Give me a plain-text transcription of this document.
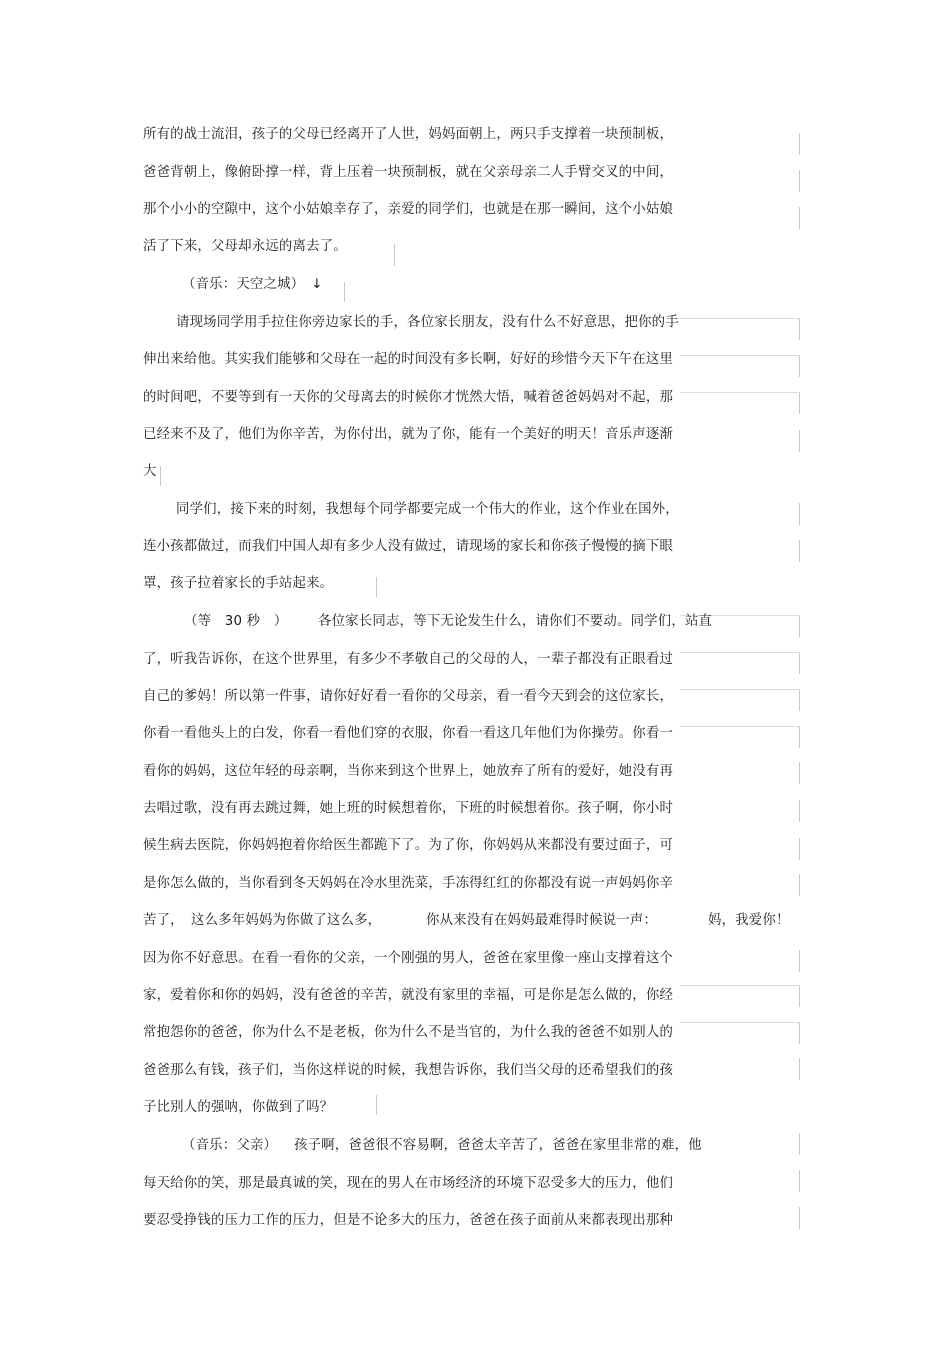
所有的战士流泪，孩子的父母已经离开了人世，妈妈面朝上，两只手支撑着一块预制板，
爸爸背朝上，像俯卧撑一样，背上压着一块预制板，就在父亲母亲二人手臂交叉的中间，
那个小小的空隙中，这个小姑娘幸存了，亲爱的同学们，也就是在那一瞬间，这个小姑娘
活了下来，父母却永远的离去了。
（音乐：天空之城）　↓
请现场同学用手拉住你旁边家长的手，各位家长朋友，没有什么不好意思，把你的手
伸出来给他。其实我们能够和父母在一起的时间没有多长啊，好好的珍惜今天下午在这里
的时间吧，不要等到有一天你的父母离去的时候你才恍然大悟，喊着爸爸妈妈对不起，那
已经来不及了，他们为你辛苦，为你付出，就为了你，能有一个美好的明天！音乐声逐渐
大
同学们，接下来的时刻，我想每个同学都要完成一个伟大的作业，这个作业在国外，
连小孩都做过，而我们中国人却有多少人没有做过，请现场的家长和你孩子慢慢的摘下眼
罩，孩子拉着家长的手站起来。
（等　30 秒　） 各位家长同志，等下无论发生什么，请你们不要动。同学们，站直
了，听我告诉你，在这个世界里，有多少不孝敬自己的父母的人，一辈子都没有正眼看过
自己的爹妈！所以第一件事，请你好好看一看你的父母亲，看一看今天到会的这位家长，
你看一看他头上的白发，你看一看他们穿的衣服，你看一看这几年他们为你操劳。你看一
看你的妈妈，这位年轻的母亲啊，当你来到这个世界上，她放弃了所有的爱好，她没有再
去唱过歌，没有再去跳过舞，她上班的时候想着你，下班的时候想着你。孩子啊，你小时
候生病去医院，你妈妈抱着你给医生都跪下了。为了你，你妈妈从来都没有要过面子，可
是你怎么做的，当你看到冬天妈妈在冷水里洗菜，手冻得红红的你都没有说一声妈妈你辛
苦了， 这么多年妈妈为你做了这么多，	你从来没有在妈妈最难得时候说一声：	妈，我爱你！
因为你不好意思。在看一看你的父亲，一个刚强的男人，爸爸在家里像一座山支撑着这个
家，爱着你和你的妈妈，没有爸爸的辛苦，就没有家里的幸福，可是你是怎么做的，你经
常抱怨你的爸爸，你为什么不是老板，你为什么不是当官的，为什么我的爸爸不如别人的
爸爸那么有钱，孩子们，当你这样说的时候，我想告诉你，我们当父母的还希望我们的孩
子比别人的强呐，你做到了吗？
（音乐：父亲） 孩子啊，爸爸很不容易啊，爸爸太辛苦了，爸爸在家里非常的难，他
每天给你的笑，那是最真诚的笑，现在的男人在市场经济的环境下忍受多大的压力，他们
要忍受挣钱的压力工作的压力，但是不论多大的压力，爸爸在孩子面前从来都表现出那种
